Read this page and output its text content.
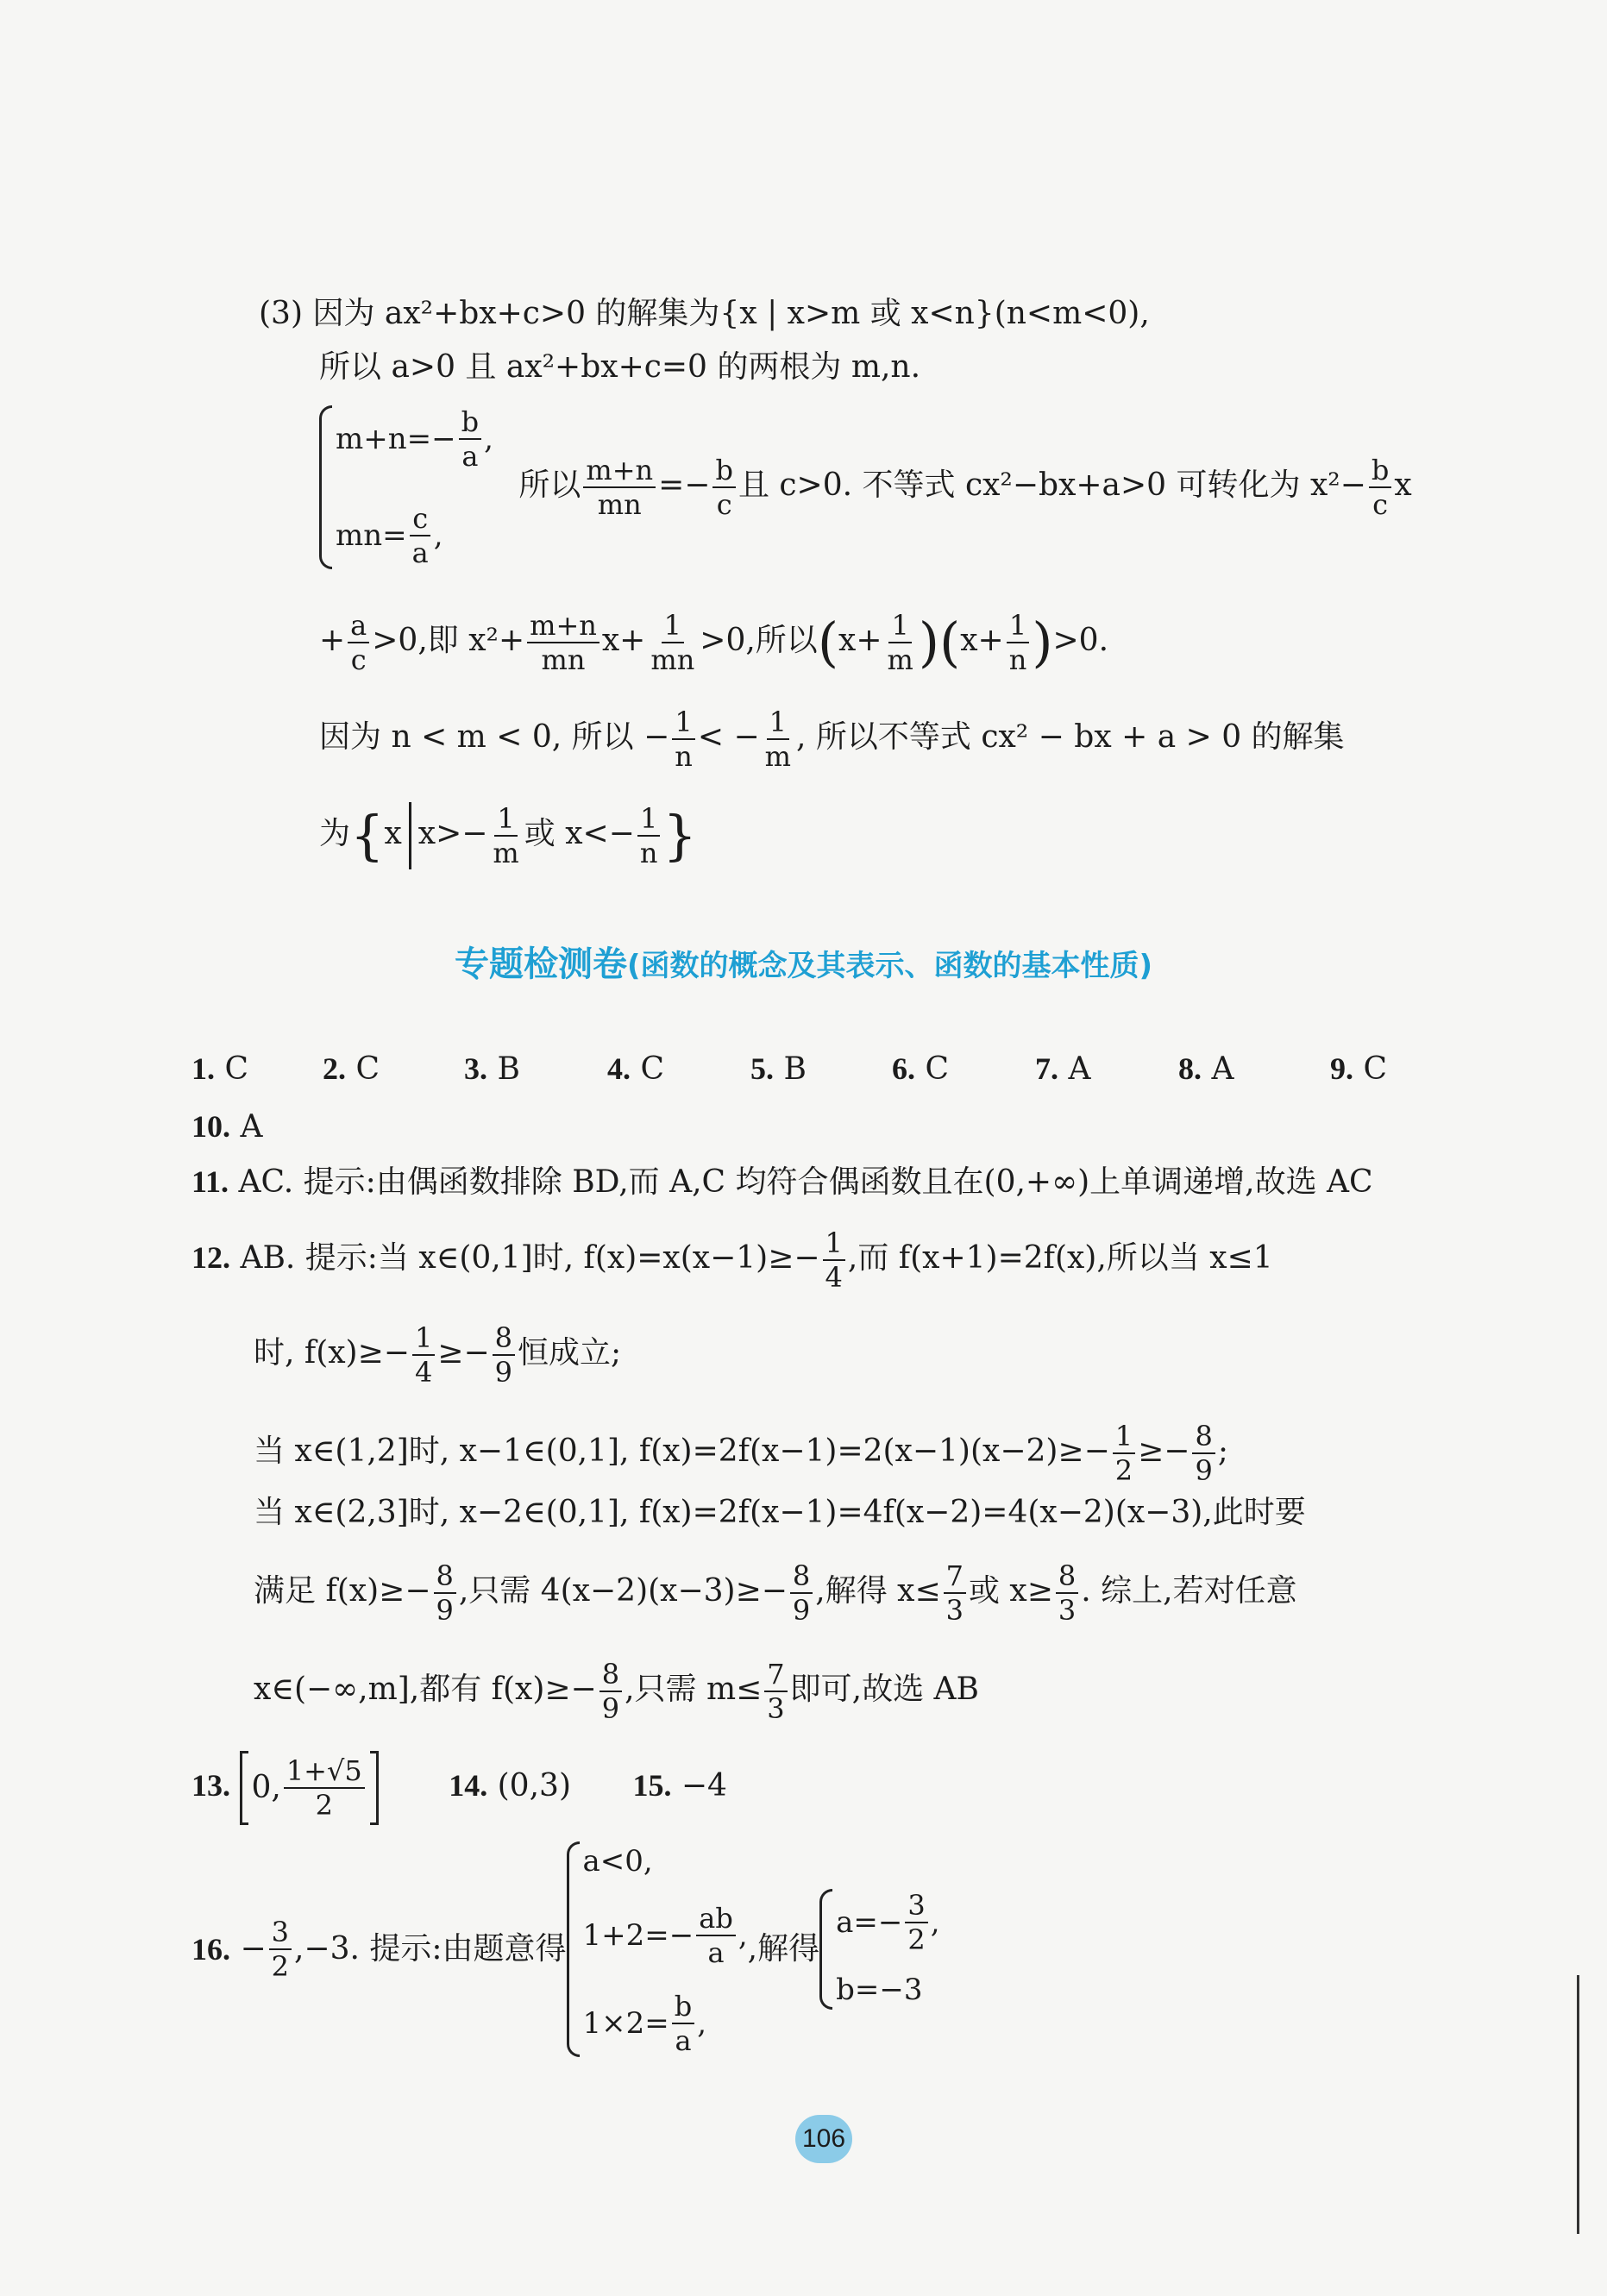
(3) 因为 ax²+bx+c>0 的解集为{x | x>m 或 x<n}(n<m<0),
所以 a>0 且 ax²+bx+c=0 的两根为 m,n.
$m+n=- \frac{b}{a}$ ,
$mn= \frac{c}{a}$ ,
所以 $\frac{m+n}{mn} =- \frac{b}{c}$ 且 c>0. 不等式 cx²−bx+a>0 可转化为 $x^2- \frac{b}{c}$ x
+ $\frac{a}{c} >0$,即 $x^2+ \frac{m+n}{mn} x+ \frac{1}{mn} >0$,所以$(x+ \frac{1}{m} )(x+ \frac{1}{n} )>0$.
因为 n < m < 0, 所以 − $\frac{1}{n}$ < − $\frac{1}{m}$ , 所以不等式 cx² − bx + a > 0 的解集
为{x $x>- \frac{1}{m}$ 或 $x<- \frac{1}{n}$ }
专题检测卷(函数的概念及其表示、函数的基本性质)
1. C 2. C	3. B	4. C	5. B	6. C	7. A	8. A	9. C
10. A
11. AC. 提示:由偶函数排除 BD,而 A,C 均符合偶函数且在(0,+∞)上单调递增,故选 AC
12. AB. 提示:当 x∈(0,1]时, $f(x)=x(x-1)\ge- \frac{1}{4}$ ,而 f(x+1)=2f(x),所以当 x≤1
时, $f(x)\ge- \frac{1}{4} \ge- \frac{8}{9}$ 恒成立;
当 x∈(1,2]时, x−1∈(0,1], $f(x)=2f(x-1)=2(x-1)(x-2)\ge- \frac{1}{2} \ge- \frac{8}{9}$ ;
当 x∈(2,3]时, x−2∈(0,1], f(x)=2f(x−1)=4f(x−2)=4(x−2)(x−3),此时要
满足 $f(x)\ge- \frac{8}{9}$ ,只需 $4(x-2)(x-3)\ge- \frac{8}{9}$ ,解得 $x\le \frac{7}{3}$ 或 $x\ge \frac{8}{3}$ . 综上,若对任意
x∈(−∞,m],都有 $f(x)\ge- \frac{8}{9}$ ,只需 $m\le \frac{7}{3}$ 即可,故选 AB
13. 0, $\frac{1+√5}{2}$	14. (0,3) 15. −4
16.
− $\frac{3}{2} ,-3$. 提示:由题意得
a<0,
$1+2=- \frac{ab}{a}$ ,
$1\times 2= \frac{b}{a}$ ,
,解得
$a=- \frac{3}{2}$ ,
b=−3
106
